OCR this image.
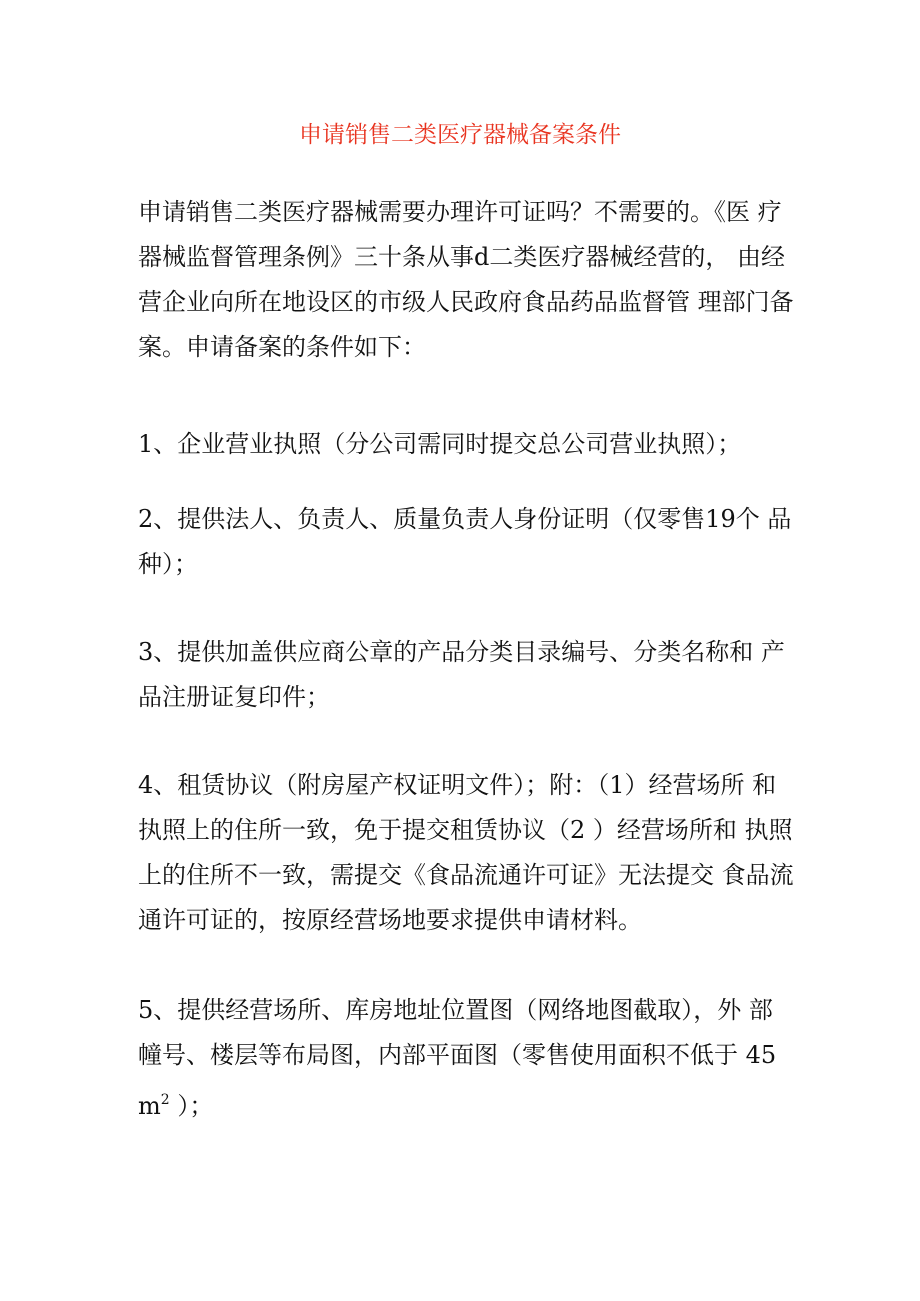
申请销售二类医疗器械备案条件

申请销售二类医疗器械需要办理许可证吗？不需要的。《医 疗

器械监督管理条例》三十条从事d二类医疗器械经营的， 由经

营企业向所在地设区的市级人民政府食品药品监督管 理部门备

案。申请备案的条件如下：

1、企业营业执照（分公司需同时提交总公司营业执照）；

2、提供法人、负责人、质量负责人身份证明（仅零售19个 品

种）；

3、提供加盖供应商公章的产品分类目录编号、分类名称和 产

品注册证复印件；

4、租赁协议（附房屋产权证明文件）；附：（1）经营场所 和

执照上的住所一致，免于提交租赁协议（2 ）经营场所和 执照

上的住所不一致，需提交《食品流通许可证》无法提交 食品流

通许可证的，按原经营场地要求提供申请材料。

5、提供经营场所、库房地址位置图（网络地图截取），外 部

幢号、楼层等布局图，内部平面图（零售使用面积不低于 45

$m^2$ ）；
